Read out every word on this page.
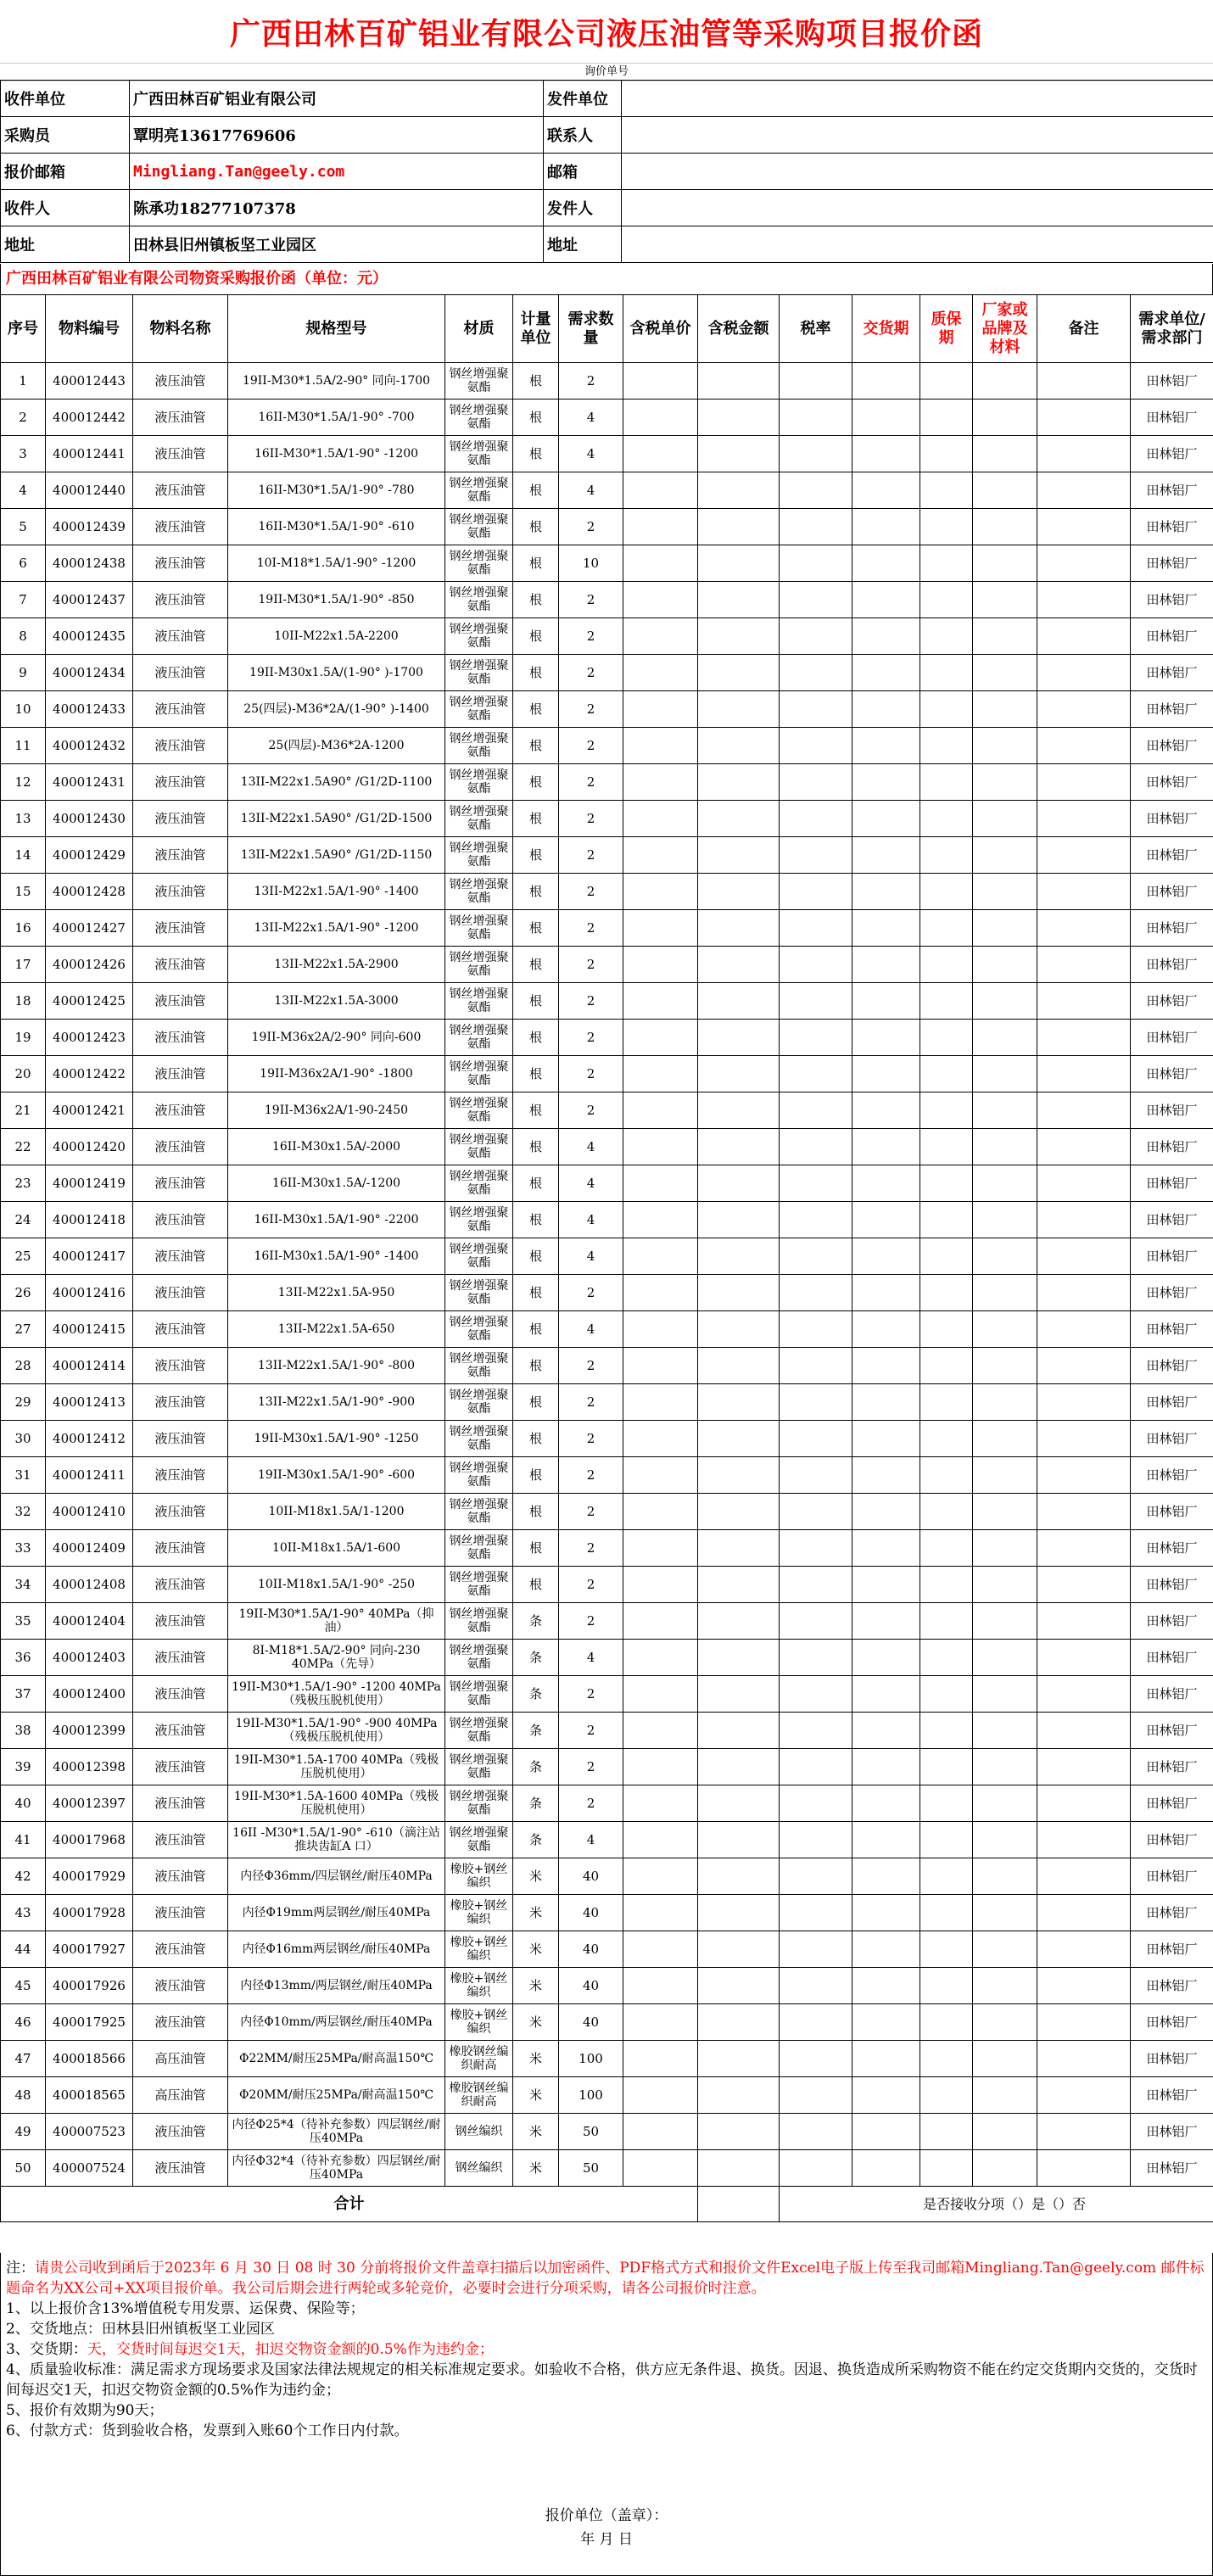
广西田林百矿铝业有限公司液压油管等采购项目报价函
询价单号
收件单位	广西田林百矿铝业有限公司	发件单位	
采购员	覃明亮13617769606	联系人	
报价邮箱	Mingliang.Tan@geely.com	邮箱	
收件人	陈承功18277107378	发件人	
地址	田林县旧州镇板坚工业园区	地址	
广西田林百矿铝业有限公司物资采购报价函（单位：元）
序号	物料编号	物料名称	规格型号	材质	计量单位	需求数量	含税单价	含税金额	税率	交货期	质保期	厂家或品牌及材料	备注	需求单位/需求部门
1	400012443	液压油管	19II-M30*1.5A/2-90° 同向-1700	钢丝增强聚氨酯	根	2								田林铝厂
2	400012442	液压油管	16II-M30*1.5A/1-90° -700	钢丝增强聚氨酯	根	4								田林铝厂
3	400012441	液压油管	16II-M30*1.5A/1-90° -1200	钢丝增强聚氨酯	根	4								田林铝厂
4	400012440	液压油管	16II-M30*1.5A/1-90° -780	钢丝增强聚氨酯	根	4								田林铝厂
5	400012439	液压油管	16II-M30*1.5A/1-90° -610	钢丝增强聚氨酯	根	2								田林铝厂
6	400012438	液压油管	10I-M18*1.5A/1-90° -1200	钢丝增强聚氨酯	根	10								田林铝厂
7	400012437	液压油管	19II-M30*1.5A/1-90° -850	钢丝增强聚氨酯	根	2								田林铝厂
8	400012435	液压油管	10II-M22x1.5A-2200	钢丝增强聚氨酯	根	2								田林铝厂
9	400012434	液压油管	19II-M30x1.5A/(1-90° )-1700	钢丝增强聚氨酯	根	2								田林铝厂
10	400012433	液压油管	25(四层)-M36*2A/(1-90° )-1400	钢丝增强聚氨酯	根	2								田林铝厂
11	400012432	液压油管	25(四层)-M36*2A-1200	钢丝增强聚氨酯	根	2								田林铝厂
12	400012431	液压油管	13II-M22x1.5A90° /G1/2D-1100	钢丝增强聚氨酯	根	2								田林铝厂
13	400012430	液压油管	13II-M22x1.5A90° /G1/2D-1500	钢丝增强聚氨酯	根	2								田林铝厂
14	400012429	液压油管	13II-M22x1.5A90° /G1/2D-1150	钢丝增强聚氨酯	根	2								田林铝厂
15	400012428	液压油管	13II-M22x1.5A/1-90° -1400	钢丝增强聚氨酯	根	2								田林铝厂
16	400012427	液压油管	13II-M22x1.5A/1-90° -1200	钢丝增强聚氨酯	根	2								田林铝厂
17	400012426	液压油管	13II-M22x1.5A-2900	钢丝增强聚氨酯	根	2								田林铝厂
18	400012425	液压油管	13II-M22x1.5A-3000	钢丝增强聚氨酯	根	2								田林铝厂
19	400012423	液压油管	19II-M36x2A/2-90° 同向-600	钢丝增强聚氨酯	根	2								田林铝厂
20	400012422	液压油管	19II-M36x2A/1-90° -1800	钢丝增强聚氨酯	根	2								田林铝厂
21	400012421	液压油管	19II-M36x2A/1-90-2450	钢丝增强聚氨酯	根	2								田林铝厂
22	400012420	液压油管	16II-M30x1.5A/-2000	钢丝增强聚氨酯	根	4								田林铝厂
23	400012419	液压油管	16II-M30x1.5A/-1200	钢丝增强聚氨酯	根	4								田林铝厂
24	400012418	液压油管	16II-M30x1.5A/1-90° -2200	钢丝增强聚氨酯	根	4								田林铝厂
25	400012417	液压油管	16II-M30x1.5A/1-90° -1400	钢丝增强聚氨酯	根	4								田林铝厂
26	400012416	液压油管	13II-M22x1.5A-950	钢丝增强聚氨酯	根	2								田林铝厂
27	400012415	液压油管	13II-M22x1.5A-650	钢丝增强聚氨酯	根	4								田林铝厂
28	400012414	液压油管	13II-M22x1.5A/1-90° -800	钢丝增强聚氨酯	根	2								田林铝厂
29	400012413	液压油管	13II-M22x1.5A/1-90° -900	钢丝增强聚氨酯	根	2								田林铝厂
30	400012412	液压油管	19II-M30x1.5A/1-90° -1250	钢丝增强聚氨酯	根	2								田林铝厂
31	400012411	液压油管	19II-M30x1.5A/1-90° -600	钢丝增强聚氨酯	根	2								田林铝厂
32	400012410	液压油管	10II-M18x1.5A/1-1200	钢丝增强聚氨酯	根	2								田林铝厂
33	400012409	液压油管	10II-M18x1.5A/1-600	钢丝增强聚氨酯	根	2								田林铝厂
34	400012408	液压油管	10II-M18x1.5A/1-90° -250	钢丝增强聚氨酯	根	2								田林铝厂
35	400012404	液压油管	19II-M30*1.5A/1-90° 40MPa（抑油）	钢丝增强聚氨酯	条	2								田林铝厂
36	400012403	液压油管	8I-M18*1.5A/2-90° 同向-230 40MPa（先导）	钢丝增强聚氨酯	条	4								田林铝厂
37	400012400	液压油管	19II-M30*1.5A/1-90° -1200 40MPa（残极压脱机使用）	钢丝增强聚氨酯	条	2								田林铝厂
38	400012399	液压油管	19II-M30*1.5A/1-90° -900 40MPa（残极压脱机使用）	钢丝增强聚氨酯	条	2								田林铝厂
39	400012398	液压油管	19II-M30*1.5A-1700 40MPa（残极压脱机使用）	钢丝增强聚氨酯	条	2								田林铝厂
40	400012397	液压油管	19II-M30*1.5A-1600 40MPa（残极压脱机使用）	钢丝增强聚氨酯	条	2								田林铝厂
41	400017968	液压油管	16II -M30*1.5A/1-90° -610（滴注站推块齿缸A 口）	钢丝增强聚氨酯	条	4								田林铝厂
42	400017929	液压油管	内径Φ36mm/四层钢丝/耐压40MPa	橡胶+钢丝编织	米	40								田林铝厂
43	400017928	液压油管	内径Φ19mm两层钢丝/耐压40MPa	橡胶+钢丝编织	米	40								田林铝厂
44	400017927	液压油管	内径Φ16mm两层钢丝/耐压40MPa	橡胶+钢丝编织	米	40								田林铝厂
45	400017926	液压油管	内径Φ13mm/两层钢丝/耐压40MPa	橡胶+钢丝编织	米	40								田林铝厂
46	400017925	液压油管	内径Φ10mm/两层钢丝/耐压40MPa	橡胶+钢丝编织	米	40								田林铝厂
47	400018566	高压油管	Φ22MM/耐压25MPa/耐高温150℃	橡胶钢丝编织耐高	米	100								田林铝厂
48	400018565	高压油管	Φ20MM/耐压25MPa/耐高温150℃	橡胶钢丝编织耐高	米	100								田林铝厂
49	400007523	液压油管	内径Φ25*4（待补充参数）四层钢丝/耐压40MPa	钢丝编织	米	50								田林铝厂
50	400007524	液压油管	内径Φ32*4（待补充参数）四层钢丝/耐压40MPa	钢丝编织	米	50								田林铝厂
合计									是否接收分项（）是（）否					

注：请贵公司收到函后于2023年 6 月 30 日 08 时 30 分前将报价文件盖章扫描后以加密函件、PDF格式方式和报价文件Excel电子版上传至我司邮箱Mingliang.Tan@geely.com 邮件标题命名为XX公司+XX项目报价单。我公司后期会进行两轮或多轮竞价，必要时会进行分项采购，请各公司报价时注意。

1、以上报价含13%增值税专用发票、运保费、保险等；

2、交货地点：田林县旧州镇板坚工业园区

3、交货期：天，交货时间每迟交1天，扣迟交物资金额的0.5%作为违约金；

4、质量验收标准：满足需求方现场要求及国家法律法规规定的相关标准规定要求。如验收不合格，供方应无条件退、换货。因退、换货造成所采购物资不能在约定交货期内交货的，交货时间每迟交1天，扣迟交物资金额的0.5%作为违约金；

5、报价有效期为90天；

6、付款方式：货到验收合格，发票到入账60个工作日内付款。

报价单位（盖章）：
年 月 日
